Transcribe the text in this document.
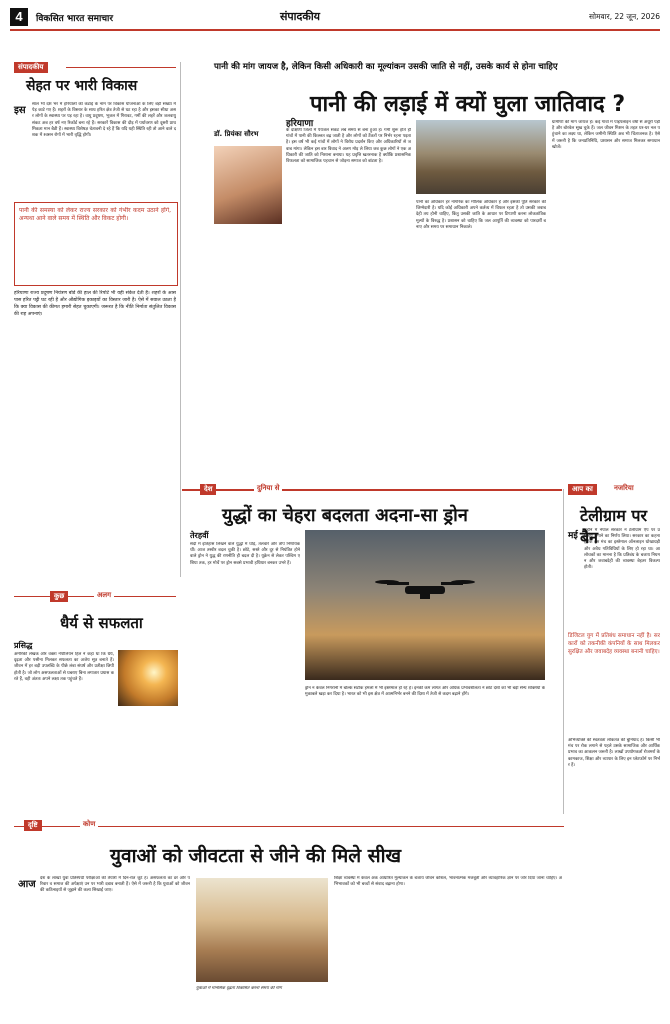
4	विकसित भारत समाचार	संपादकीय	सोमवार, 22 जून, 2026
संपादकीय
सेहत पर भारी विकास
इस
साल भी देश भर में हरियाली की कटाई के नाम पर विकास योजनाओं के लिए बड़ी संख्या में पेड़ काटे गए हैं। शहरों के विस्तार के साथ हरित क्षेत्र तेजी से घट रहा है और इसका सीधा असर लोगों के स्वास्थ्य पर पड़ रहा है। वायु प्रदूषण, भूजल में गिरावट, गर्मी की लहरें और जलवायु संकट अब हर वर्ष नए रिकॉर्ड बना रहे हैं। सरकारें विकास की दौड़ में पर्यावरण को दूसरी प्राथमिकता मान बैठी हैं। स्वास्थ्य विशेषज्ञ चेतावनी दे रहे हैं कि यदि यही स्थिति रही तो आने वाले दशक में श्वसन रोगों में भारी वृद्धि होगी।
पानी की समस्या को लेकर राज्य सरकार को गंभीर कदम उठाने होंगे, अन्यथा आने वाले समय में स्थिति और विकट होगी।
हरियाणा राज्य प्रदूषण नियंत्रण बोर्ड की हाल की रिपोर्ट भी यही संकेत देती है। शहरों के आसपास हरित पट्टी घट रही है और औद्योगिक इकाइयों का विस्तार जारी है। ऐसे में सवाल उठता है कि क्या विकास की कीमत हमारी सेहत चुकाएगी। जरूरत है कि नीति निर्माता संतुलित विकास की राह अपनाएं।
पानी की मांग जायज है, लेकिन किसी अधिकारी का मूल्यांकन उसकी जाति से नहीं, उसके कार्य से होना चाहिए
पानी की लड़ाई में क्यों घुला जातिवाद ?
डॉ. प्रियंका सौरभ
हरियाणा
के दक्षिणी जिलों में पेयजल संकट लंबे समय से बना हुआ है। गर्मी शुरू होते ही गांवों में पानी की किल्लत बढ़ जाती है और लोगों को टैंकरों पर निर्भर रहना पड़ता है। इस वर्ष भी कई गांवों में लोगों ने विरोध प्रदर्शन किए और अधिकारियों से जवाब मांगा। लेकिन इस बार विवाद ने अलग मोड़ ले लिया जब कुछ लोगों ने एक अधिकारी की जाति को निशाना बनाया। यह प्रवृत्ति खतरनाक है क्योंकि प्रशासनिक विफलता को सामाजिक पहचान से जोड़ना समाज को बांटता है।
पानी का अधिकार हर नागरिक का मौलिक अधिकार है और इसकी पूर्ति सरकार की जिम्मेदारी है। यदि कोई अधिकारी अपने कर्तव्य में विफल रहता है तो उसकी जवाबदेही तय होनी चाहिए, किंतु उसकी जाति के आधार पर टिप्पणी करना लोकतांत्रिक मूल्यों के विरुद्ध है। प्रशासन को चाहिए कि जल आपूर्ति की व्यवस्था को पारदर्शी बनाए और समय पर समाधान निकाले।
ग्रामीणों की मांग जायज है। कई गांवों में पाइपलाइन वर्षों से अधूरी पड़ी है और बोरवेल सूख चुके हैं। जल जीवन मिशन के तहत घर-घर नल पहुंचाने का लक्ष्य था, लेकिन जमीनी स्थिति अब भी चिंताजनक है। ऐसे में जरूरी है कि जनप्रतिनिधि, प्रशासन और समाज मिलकर समाधान खोजें।
देश	दुनिया से
युद्धों का चेहरा बदलता अदना-सा ड्रोन
तेरहवीं
सदी में इतिहास लिखने वाले युद्धों में घोड़े, तलवारें और तोपें निर्णायक थीं। आज तस्वीर बदल चुकी है। छोटे, सस्ते और दूर से नियंत्रित होने वाले ड्रोन ने युद्ध की रणनीति ही बदल दी है। यूक्रेन से लेकर पश्चिम एशिया तक, हर मोर्चे पर ड्रोन सबसे प्रभावी हथियार बनकर उभरे हैं।
ड्रोन न केवल निगरानी में बल्कि सटीक हमलों में भी इस्तेमाल हो रहे हैं। इनकी कम लागत और अधिक प्रभावशीलता ने छोटे देशों को भी बड़ी सैन्य शक्तियों के मुकाबले खड़ा कर दिया है। भारत को भी इस क्षेत्र में आत्मनिर्भर बनने की दिशा में तेजी से कदम बढ़ाने होंगे।
आप का	नजरिया
टेलीग्राम पर बैन
मई
महीने में नेपाल सरकार ने टेलीग्राम ऐप पर प्रतिबंध लगाने का निर्णय लिया। सरकार का कहना है कि इस मंच का इस्तेमाल ऑनलाइन धोखाधड़ी और अवैध गतिविधियों के लिए हो रहा था। आलोचकों का मानना है कि प्रतिबंध के बजाय नियमन और जवाबदेही की व्यवस्था बेहतर विकल्प होती।
डिजिटल युग में प्रतिबंध समाधान नहीं है। सरकारों को तकनीकी कंपनियों के साथ मिलकर सुरक्षित और जवाबदेह व्यवस्था बनानी चाहिए।
अभिव्यक्ति की स्वतंत्रता लोकतंत्र की बुनियाद है। किसी भी मंच पर रोक लगाने से पहले उसके सामाजिक और आर्थिक प्रभाव का आकलन जरूरी है। लाखों उपयोगकर्ता रोजमर्रा के कामकाज, शिक्षा और व्यापार के लिए इन प्लेटफॉर्म पर निर्भर हैं।
कुछ	अलग
धैर्य से सफलता
प्रसिद्ध
अमेरिकी लेखक और वक्ता नेपोलियन हिल ने कहा था कि धैर्य, दृढ़ता और पसीना मिलकर सफलता का अजेय सूत्र बनाते हैं। जीवन में हर बड़ी उपलब्धि के पीछे लंबा संघर्ष और प्रतीक्षा छिपी होती है। जो लोग असफलताओं से घबराए बिना लगातार प्रयास करते हैं, वही अंततः अपने लक्ष्य तक पहुंचते हैं।
दृष्टि	कोण
युवाओं को जीवटता से जीने की मिले सीख
आज
देश के लाखों युवा प्रतिस्पर्धी परीक्षाओं की तैयारी में दिन-रात जुटे हैं। असफलता का डर और परिवार व समाज की अपेक्षाएं उन पर भारी दबाव बनाती हैं। ऐसे में जरूरी है कि युवाओं को जीवन की कठिनाइयों से जूझने की कला सिखाई जाए।
युवाओं में मानसिक दृढ़ता विकसित करना समय की मांग
शिक्षा व्यवस्था में केवल अंक आधारित मूल्यांकन के बजाय जीवन कौशल, भावनात्मक मजबूती और व्यावहारिक ज्ञान पर जोर दिया जाना चाहिए। अभिभावकों को भी बच्चों से संवाद बढ़ाना होगा।
